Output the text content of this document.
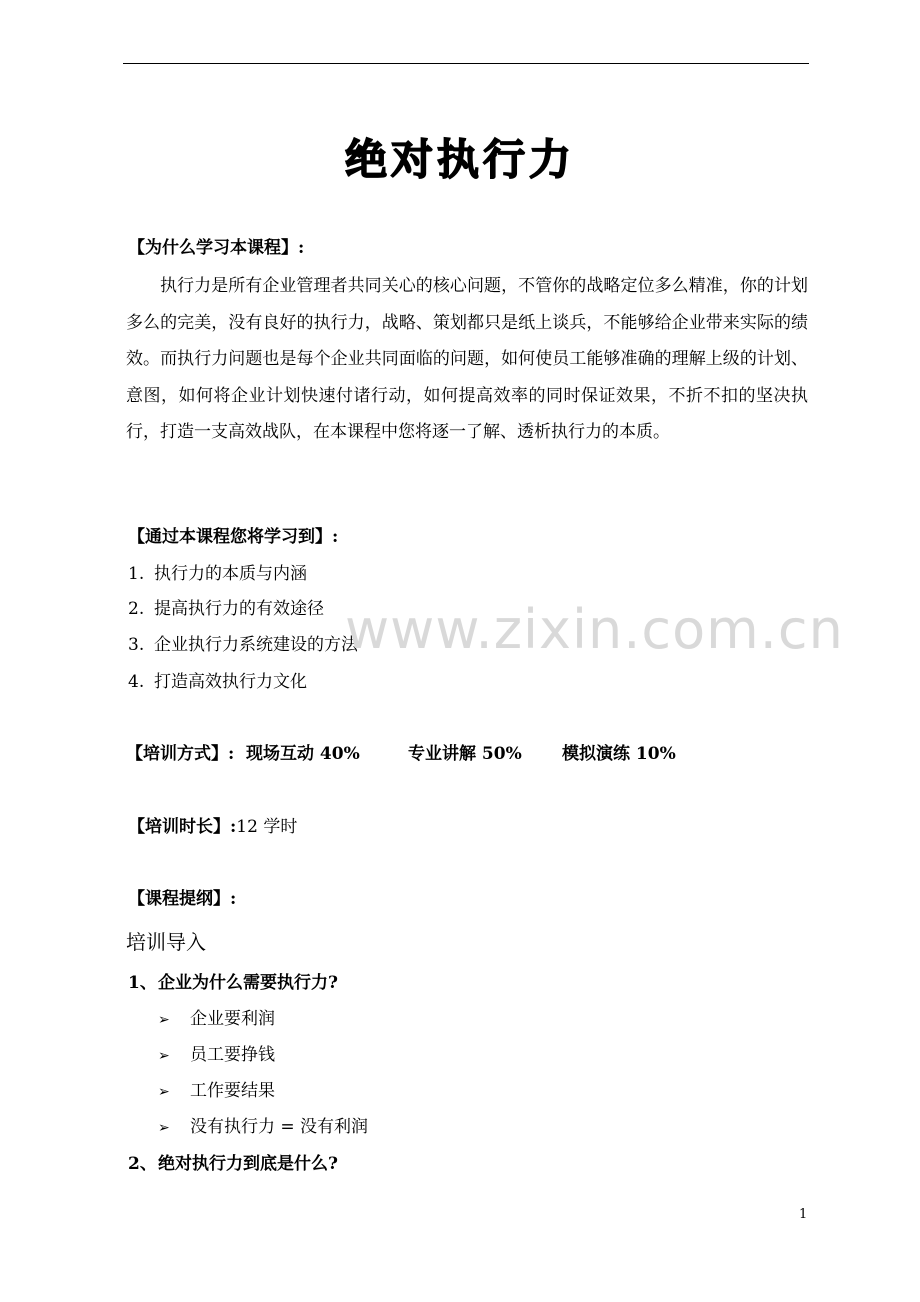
绝对执行力
【为什么学习本课程】:

执行力是所有企业管理者共同关心的核心问题，不管你的战略定位多么精准，你的计划多么的完美，没有良好的执行力，战略、策划都只是纸上谈兵，不能够给企业带来实际的绩效。而执行力问题也是每个企业共同面临的问题，如何使员工能够准确的理解上级的计划、意图，如何将企业计划快速付诸行动，如何提高效率的同时保证效果，不折不扣的坚决执行，打造一支高效战队，在本课程中您将逐一了解、透析执行力的本质。

【通过本课程您将学习到】:
1. 执行力的本质与内涵
2. 提高执行力的有效途径
3. 企业执行力系统建设的方法
4. 打造高效执行力文化
【培训方式】: 现场互动 40%	专业讲解 50% 模拟演练 10%
【培训时长】:12 学时
【课程提纲】:
培训导入
1、企业为什么需要执行力?
➢ 企业要利润
➢ 员工要挣钱
➢ 工作要结果
➢ 没有执行力 = 没有利润
2、绝对执行力到底是什么?
www.zixin.com.cn
1
